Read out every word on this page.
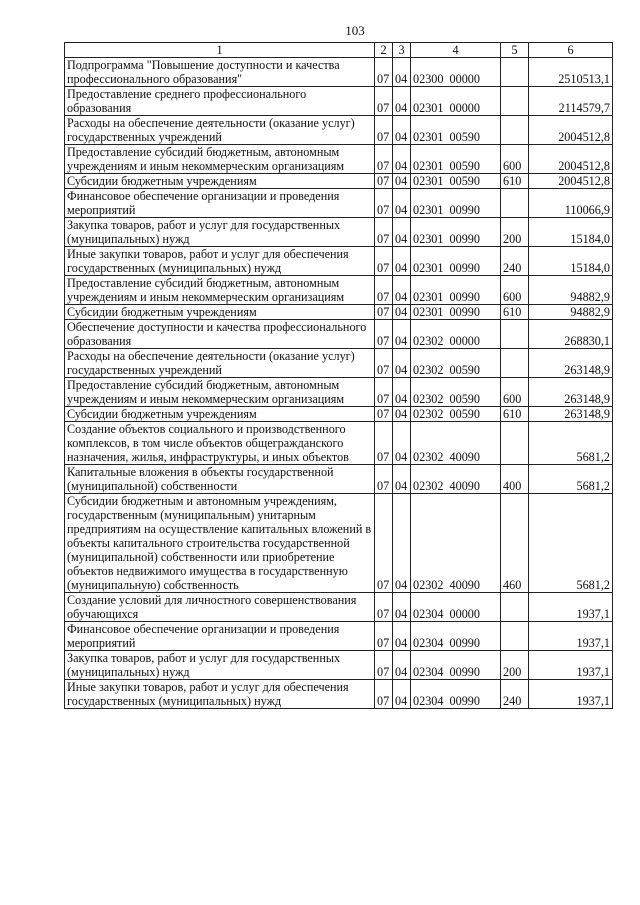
103
1	2	3	4	5	6
Подпрограмма "Повышение доступности и качества профессионального образования"	07	04	02300 00000		2510513,1
Предоставление среднего профессионального образования	07	04	02301 00000		2114579,7
Расходы на обеспечение деятельности (оказание услуг) государственных учреждений	07	04	02301 00590		2004512,8
Предоставление субсидий бюджетным, автономным учреждениям и иным некоммерческим организациям	07	04	02301 00590	600	2004512,8
Субсидии бюджетным учреждениям	07	04	02301 00590	610	2004512,8
Финансовое обеспечение организации и проведения мероприятий	07	04	02301 00990		110066,9
Закупка товаров, работ и услуг для государственных (муниципальных) нужд	07	04	02301 00990	200	15184,0
Иные закупки товаров, работ и услуг для обеспечения государственных (муниципальных) нужд	07	04	02301 00990	240	15184,0
Предоставление субсидий бюджетным, автономным учреждениям и иным некоммерческим организациям	07	04	02301 00990	600	94882,9
Субсидии бюджетным учреждениям	07	04	02301 00990	610	94882,9
Обеспечение доступности и качества профессионального образования	07	04	02302 00000		268830,1
Расходы на обеспечение деятельности (оказание услуг) государственных учреждений	07	04	02302 00590		263148,9
Предоставление субсидий бюджетным, автономным учреждениям и иным некоммерческим организациям	07	04	02302 00590	600	263148,9
Субсидии бюджетным учреждениям	07	04	02302 00590	610	263148,9
Создание объектов социального и производственного комплексов, в том числе объектов общегражданского назначения, жилья, инфраструктуры, и иных объектов	07	04	02302 40090		5681,2
Капитальные вложения в объекты государственной (муниципальной) собственности	07	04	02302 40090	400	5681,2
Субсидии бюджетным и автономным учреждениям, государственным (муниципальным) унитарным предприятиям на осуществление капитальных вложений в объекты капитального строительства государственной (муниципальной) собственности или приобретение объектов недвижимого имущества в государственную (муниципальную) собственность	07	04	02302 40090	460	5681,2
Создание условий для личностного совершенствования обучающихся	07	04	02304 00000		1937,1
Финансовое обеспечение организации и проведения мероприятий	07	04	02304 00990		1937,1
Закупка товаров, работ и услуг для государственных (муниципальных) нужд	07	04	02304 00990	200	1937,1
Иные закупки товаров, работ и услуг для обеспечения государственных (муниципальных) нужд	07	04	02304 00990	240	1937,1
